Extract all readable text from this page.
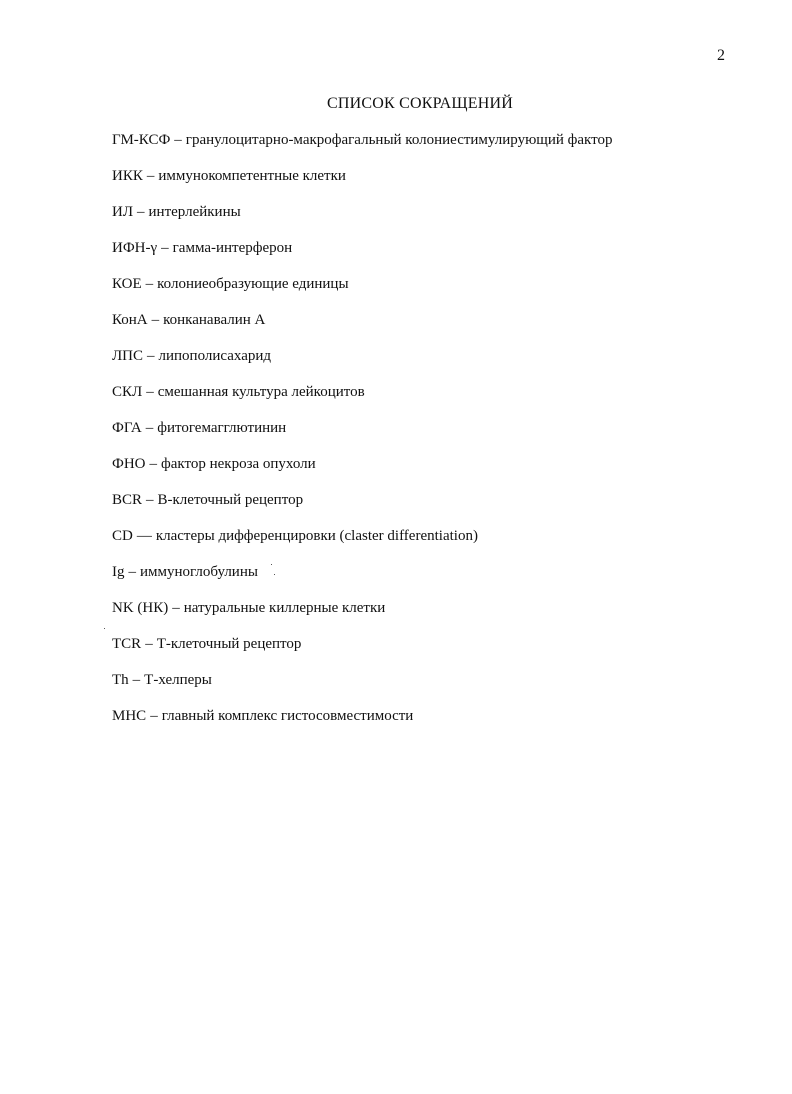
2
СПИСОК СОКРАЩЕНИЙ
ГМ-КСФ – гранулоцитарно-макрофагальный колониестимулирующий фактор
ИКК – иммунокомпетентные клетки
ИЛ – интерлейкины
ИФН-γ – гамма-интерферон
КОЕ – колониеобразующие единицы
КонА – конканавалин А
ЛПС – липополисахарид
СКЛ – смешанная культура лейкоцитов
ФГА – фитогемагглютинин
ФНО – фактор некроза опухоли
BCR – В-клеточный рецептор
CD — кластеры дифференцировки (claster differentiation)
Ig – иммуноглобулины
NK (НК) – натуральные киллерные клетки
TCR – Т-клеточный рецептор
Th – Т-хелперы
MHC – главный комплекс гистосовместимости
